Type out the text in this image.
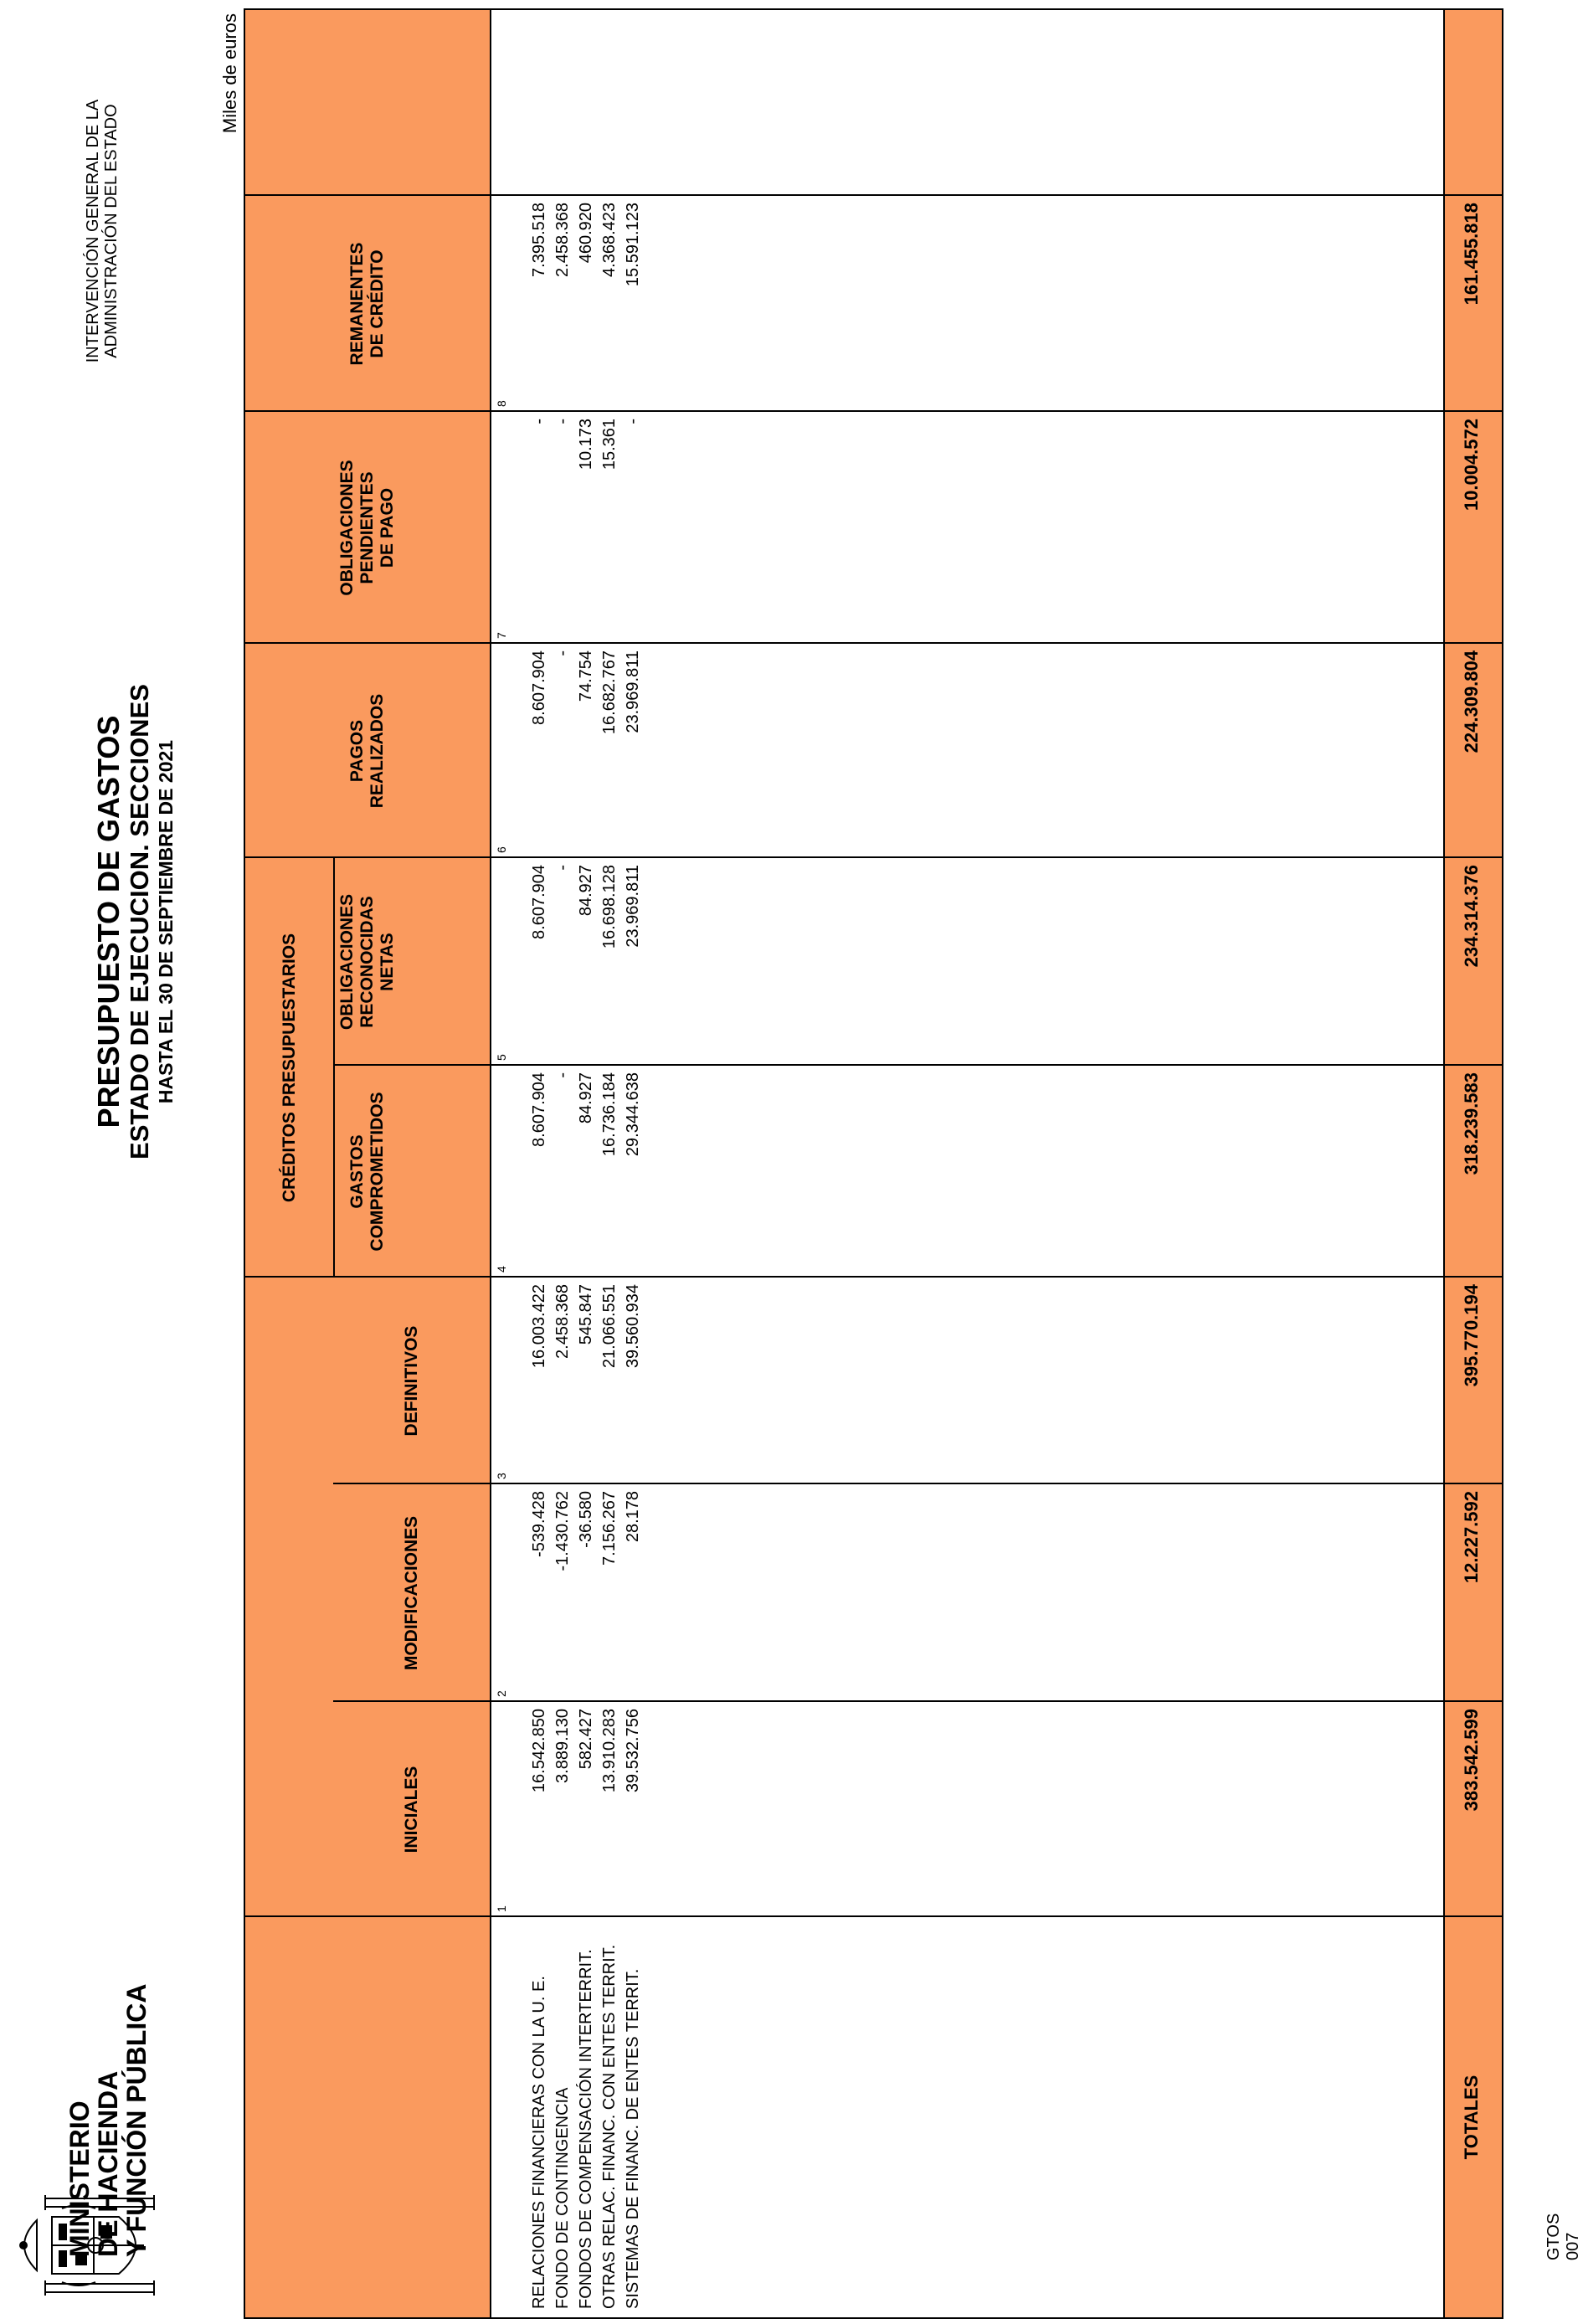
MINISTERIO
DE HACIENDA
Y FUNCIÓN PÚBLICA
PRESUPUESTO DE GASTOS ESTADO DE EJECUCION. SECCIONES HASTA EL 30 DE SEPTIEMBRE DE 2021
INTERVENCIÓN GENERAL DE LA ADMINISTRACIÓN DEL ESTADO
Miles de euros
CRÉDITOS PRESUPUESTARIOS
INICIALES
1
MODIFICACIONES
2
DEFINITIVOS
3
GASTOS COMPROMETIDOS
4
OBLIGACIONES RECONOCIDAS NETAS
5
PAGOS REALIZADOS
6
OBLIGACIONES PENDIENTES DE PAGO
7
REMANENTES DE CRÉDITO
8
RELACIONES FINANCIERAS CON LA U. E.
16.542.850
-539.428
16.003.422
8.607.904
8.607.904
8.607.904
-
7.395.518
FONDO DE CONTINGENCIA
3.889.130
-1.430.762
2.458.368
-
-
-
-
2.458.368
FONDOS DE COMPENSACIÓN INTERTERRIT.
582.427
-36.580
545.847
84.927
84.927
74.754
10.173
460.920
OTRAS RELAC. FINANC. CON ENTES TERRIT.
13.910.283
7.156.267
21.066.551
16.736.184
16.698.128
16.682.767
15.361
4.368.423
SISTEMAS DE FINANC. DE ENTES TERRIT.
39.532.756
28.178
39.560.934
29.344.638
23.969.811
23.969.811
-
15.591.123
TOTALES
383.542.599
12.227.592
395.770.194
318.239.583
234.314.376
224.309.804
10.004.572
161.455.818
GTOS 007
